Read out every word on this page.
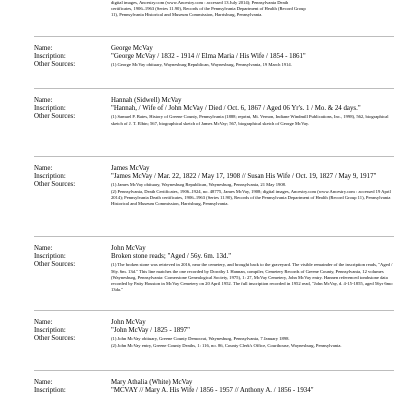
digital images, Ancestry.com (www.Ancestry.com : accessed 13 July 2014); Pennsylvania Death
certificates, 1906–1963 (Series 11.90), Records of the Pennsylvania Department of Health (Record Group
11), Pennsylvania Historical and Museum Commission, Harrisburg, Pennsylvania.
Name:	George McVay
Inscription:	"George McVay / 1832 - 1914 // Elma Maria / His Wife / 1854 - 1861"
Other Sources:	(1) George McVay obituary, Waynesburg Republican, Waynesburg, Pennsylvania, 19 March 1914.
Name:	Hannah (Sidwell) McVay
Inscription:	"Hannah, / Wife of / John McVay / Died / Oct. 6, 1867 / Aged 06 Yr's. 1 / Mo. & 24 days."
Other Sources:	(1) Samuel P. Bates, History of Greene County, Pennsylvania (1888; reprint, Mt. Vernon, Indiane Windmill Publications, Inc., 1998), 562, biographical sketch of J. T. Elbin; 567, biographical sketch of James McVay; 567, biographical sketch of George McVay.
Name:	James McVay
Inscription:	"James McVay / Mar. 22, 1822 / May 17, 1908 // Susan His Wife / Oct. 19, 1827 / May 9, 1917"
Other Sources:	(1) James McVay obituary, Waynesburg Republican, Waynesburg, Pennsylvania, 21 May 1908.
(2) Pennsylvania, Death Certificates, 1906–1924, no. 48775, James McVay, 1908; digital images, Ancestry.com (www.Ancestry.com : accessed 19 April 2014); Pennsylvania Death certificates, 1906–1963 (Series 11.90), Records of the Pennsylvania Department of Health (Record Group 11), Pennsylvania Historical and Museum Commission, Harrisburg, Pennsylvania.
Name:	John McVay
Inscription:	Broken stone reads; "Aged / 56y. 6m. 13d."
Other Sources:	(1) The broken stone was retrieved in 2016, near the cemetery, and brought back to the graveyard. The visible remainder of the inscription reads, "Aged / 56y. 6m. 13d." This line matches the one recorded by Dorothy I. Hannan, compiler, Cemetery Records of Greene County, Pennsylvania, 12 volumes (Waynesburg, Pennsylvania: Cornerstone Genealogical Society, 1975), 1: 27, McVay Cemetery, John McVay entry. Hannen referenced tombstone data recorded by Patty Houston in McVay Cemetery on 20 April 1952. The full inscription recorded in 1952 read, "John McVay, d. 4-15-1855, aged 56yr 6mo 13da."
Name:	John McVay
Inscription:	"John McVay / 1825 - 1897"
Other Sources:	(1) John McVay obituary, Greene County Democrat, Waynesburg, Pennsylvania, 7 January 1898.
(2) John McVay entry, Greene County Deaths, 1: 116, no. 86, County Clerk's Office, Courthouse, Waynesburg, Pennsylvania.
Name:	Mary Athalia (White) McVay
Inscription:	"MCVAY // Mary A. His Wife / 1856 - 1957 // Anthony A. / 1856 - 1934"
